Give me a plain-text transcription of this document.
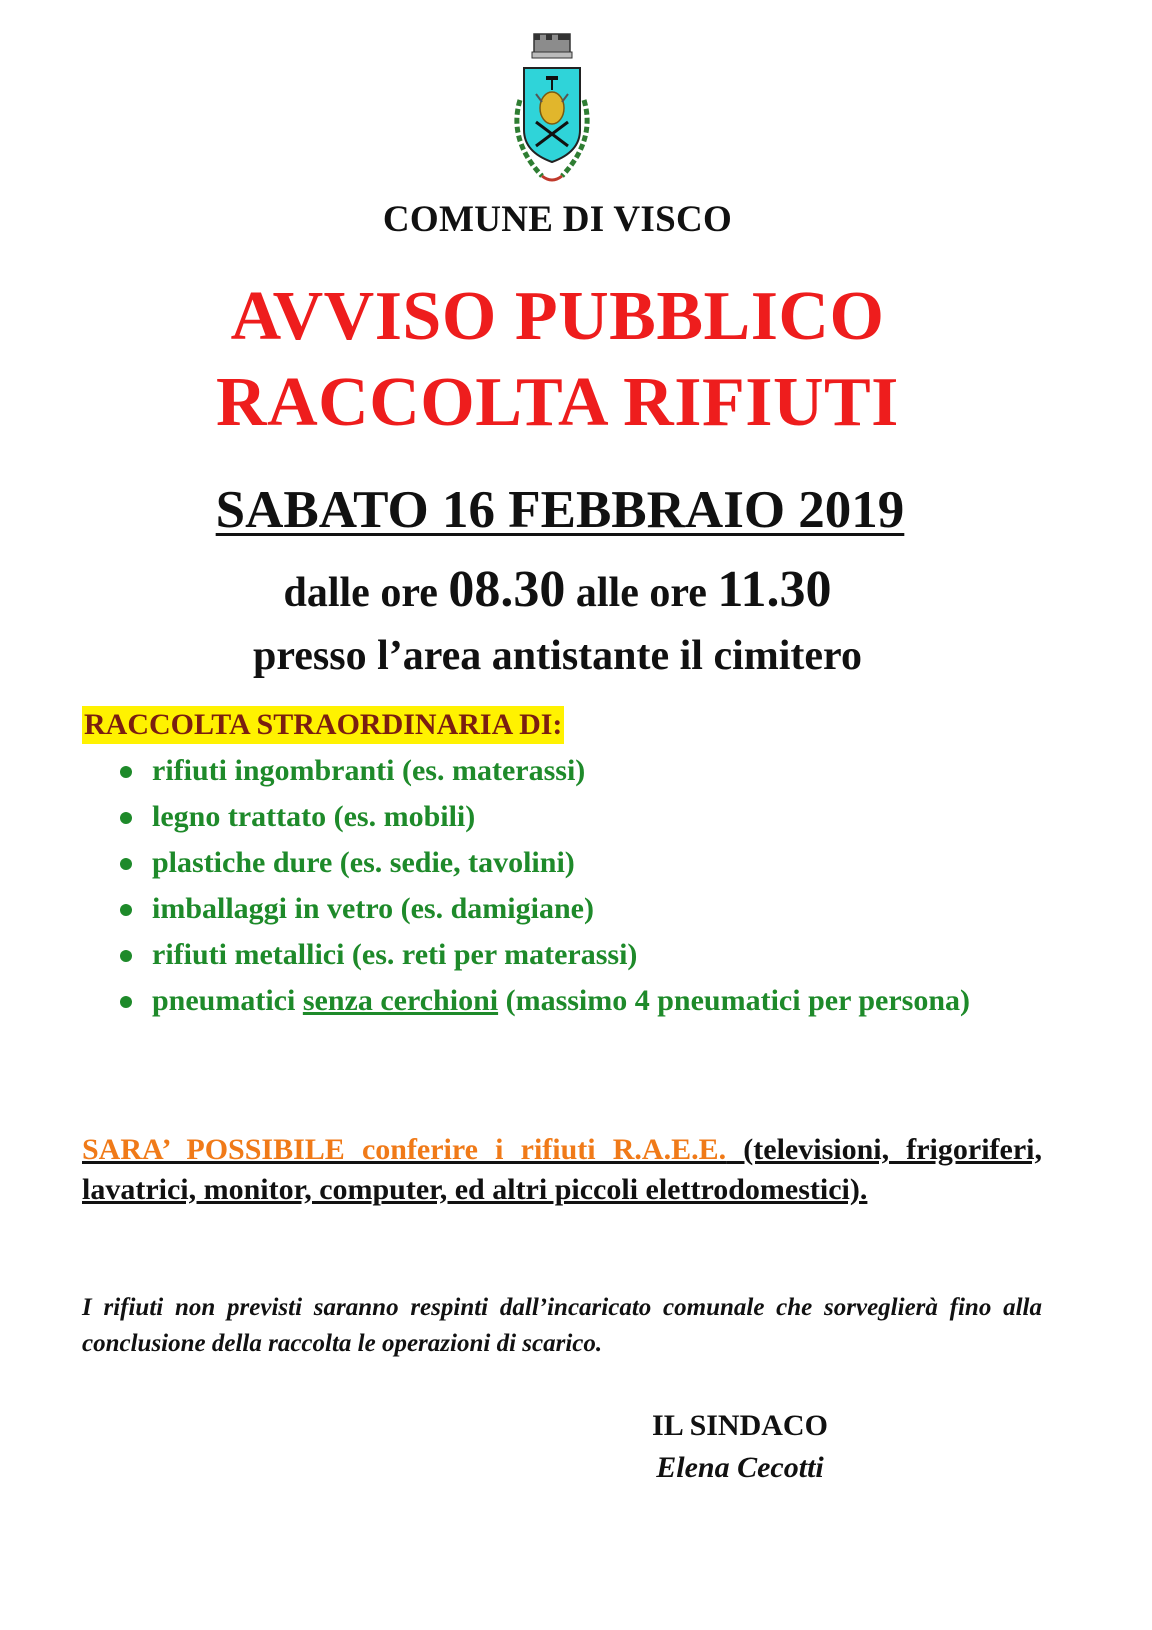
COMUNE DI VISCO
AVVISO PUBBLICO
RACCOLTA RIFIUTI
SABATO 16 FEBBRAIO 2019
dalle ore 08.30 alle ore 11.30
presso l’area antistante il cimitero
RACCOLTA STRAORDINARIA DI:
rifiuti ingombranti (es. materassi)
legno trattato (es. mobili)
plastiche dure (es. sedie, tavolini)
imballaggi in vetro (es. damigiane)
rifiuti metallici (es. reti per materassi)
pneumatici senza cerchioni (massimo 4 pneumatici per persona)
SARA’ POSSIBILE conferire i rifiuti R.A.E.E. (televisioni, frigoriferi, lavatrici, monitor, computer, ed altri piccoli elettrodomestici).
I rifiuti non previsti saranno respinti dall’incaricato comunale che sorveglierà fino alla conclusione della raccolta le operazioni di scarico.
IL SINDACO
Elena Cecotti
